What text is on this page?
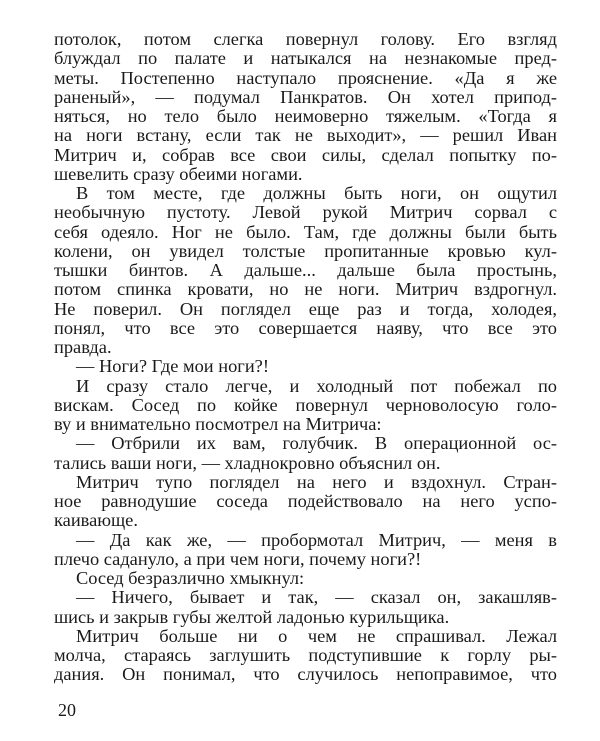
потолок, потом слегка повернул голову. Его взгляд
блуждал по палате и натыкался на незнакомые пред-
меты. Постепенно наступало прояснение. «Да я же
раненый», — подумал Панкратов. Он хотел припод-
няться, но тело было неимоверно тяжелым. «Тогда я
на ноги встану, если так не выходит», — решил Иван
Митрич и, собрав все свои силы, сделал попытку по-
шевелить сразу обеими ногами.
В том месте, где должны быть ноги, он ощутил
необычную пустоту. Левой рукой Митрич сорвал с
себя одеяло. Ног не было. Там, где должны были быть
колени, он увидел толстые пропитанные кровью кул-
тышки бинтов. А дальше... дальше была простынь,
потом спинка кровати, но не ноги. Митрич вздрогнул.
Не поверил. Он поглядел еще раз и тогда, холодея,
понял, что все это совершается наяву, что все это
правда.
— Ноги? Где мои ноги?!
И сразу стало легче, и холодный пот побежал по
вискам. Сосед по койке повернул черноволосую голо-
ву и внимательно посмотрел на Митрича:
— Отбрили их вам, голубчик. В операционной ос-
тались ваши ноги, — хладнокровно объяснил он.
Митрич тупо поглядел на него и вздохнул. Стран-
ное равнодушие соседа подействовало на него успо-
каивающе.
— Да как же, — пробормотал Митрич, — меня в
плечо садануло, а при чем ноги, почему ноги?!
Сосед безразлично хмыкнул:
— Ничего, бывает и так, — сказал он, закашляв-
шись и закрыв губы желтой ладонью курильщика.
Митрич больше ни о чем не спрашивал. Лежал
молча, стараясь заглушить подступившие к горлу ры-
дания. Он понимал, что случилось непоправимое, что
20
